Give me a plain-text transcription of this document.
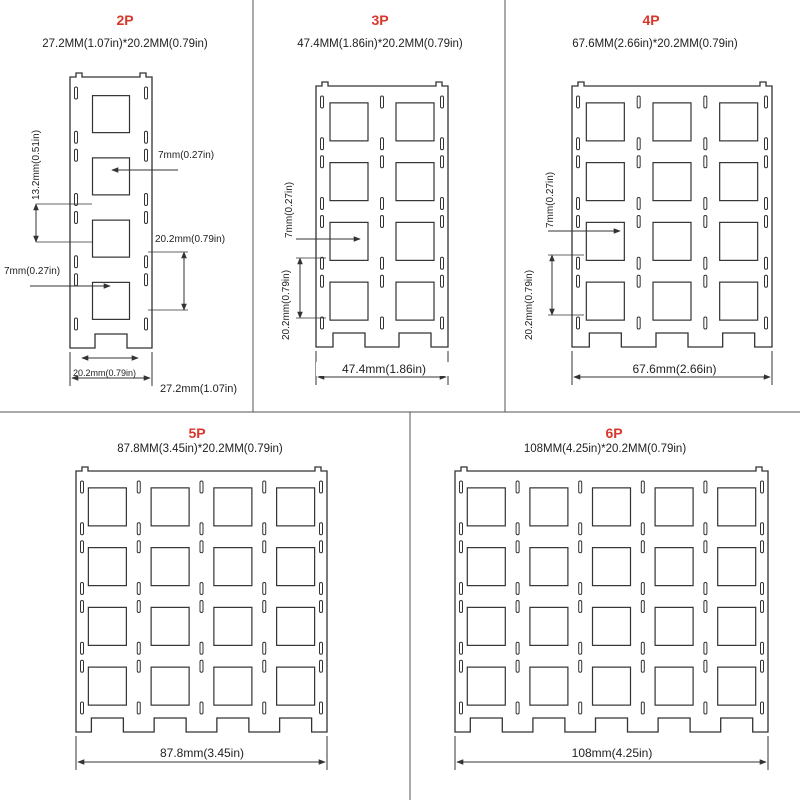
2P	3P	4P
5P	6P
27.2MM(1.07in)*20.2MM(0.79in)	47.4MM(1.86in)*20.2MM(0.79in)	67.6MM(2.66in)*20.2MM(0.79in)
87.8MM(3.45in)*20.2MM(0.79in)	108MM(4.25in)*20.2MM(0.79in)
7mm(0.27in)
20.2mm(0.79in)
7mm(0.27in)
13.2mm(0.51in)
20.2mm(0.79in)
27.2mm(1.07in)
7mm(0.27in)
20.2mm(0.79in)
47.4mm(1.86in)
7mm(0.27in)
20.2mm(0.79in)
67.6mm(2.66in)
87.8mm(3.45in)	108mm(4.25in)
